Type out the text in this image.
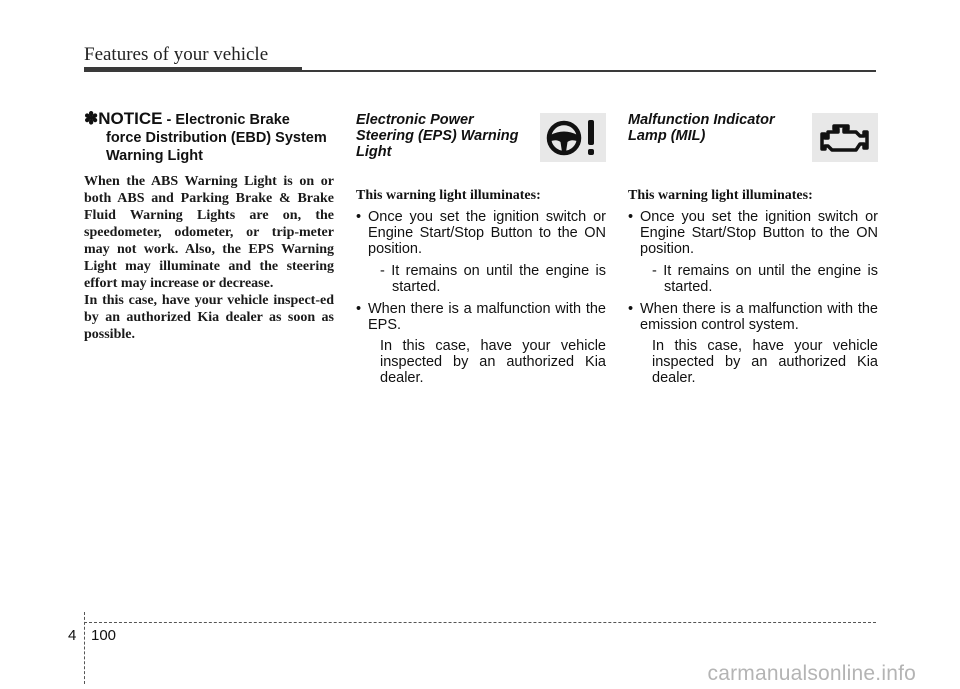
Features of your vehicle
✽NOTICE - Electronic Brake
force Distribution (EBD) System Warning Light

When the ABS Warning Light is on or both ABS and Parking Brake & Brake Fluid Warning Lights are on, the speedometer, odometer, or trip-meter may not work. Also, the EPS Warning Light may illuminate and the steering effort may increase or decrease.

In this case, have your vehicle inspect-ed by an authorized Kia dealer as soon as possible.

Electronic Power Steering (EPS) Warning Light
This warning light illuminates:
• Once you set the ignition switch or Engine Start/Stop Button to the ON position.
- It remains on until the engine is started.
• When there is a malfunction with the EPS.
In this case, have your vehicle inspected by an authorized Kia dealer.
Malfunction Indicator Lamp (MIL)
This warning light illuminates:
• Once you set the ignition switch or Engine Start/Stop Button to the ON position.
- It remains on until the engine is started.
• When there is a malfunction with the emission control system.
In this case, have your vehicle inspected by an authorized Kia dealer.
4 100
carmanualsonline.info
